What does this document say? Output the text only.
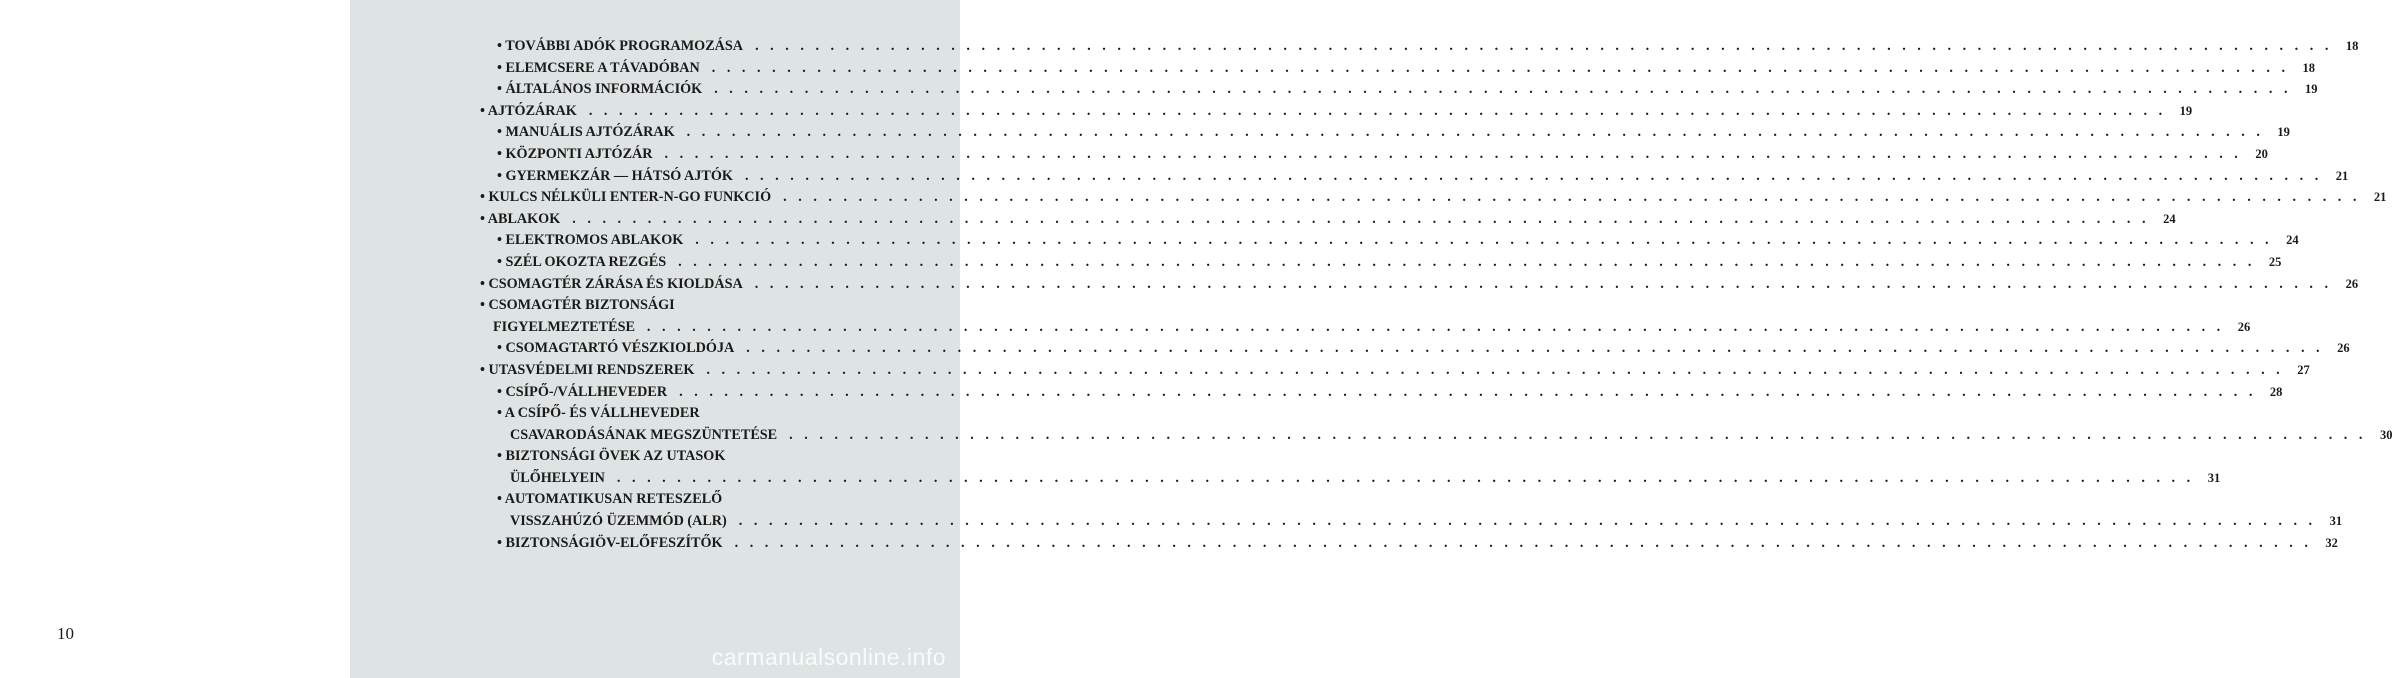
10
• TOVÁBBI ADÓK PROGRAMOZÁSA . . .	18
• ELEMCSERE A TÁVADÓBAN . . .	18
• ÁLTALÁNOS INFORMÁCIÓK . . .	19
• AJTÓZÁRAK . . .	19
• MANUÁLIS AJTÓZÁRAK . . .	19
• KÖZPONTI AJTÓZÁR . . .	20
• GYERMEKZÁR — HÁTSÓ AJTÓK . . .	21
• KULCS NÉLKÜLI ENTER-N-GO FUNKCIÓ . . .	21
• ABLAKOK . . .	24
• ELEKTROMOS ABLAKOK . . .	24
• SZÉL OKOZTA REZGÉS . . .	25
• CSOMAGTÉR ZÁRÁSA ÉS KIOLDÁSA . . .	26
• CSOMAGTÉR BIZTONSÁGI
FIGYELMEZTETÉSE . . .	26
• CSOMAGTARTÓ VÉSZKIOLDÓJA . . .	26
• UTASVÉDELMI RENDSZEREK . . .	27
• CSÍPŐ-/VÁLLHEVEDER . . .	28
• A CSÍPŐ- ÉS VÁLLHEVEDER
CSAVARODÁSÁNAK MEGSZÜNTETÉSE . . .	30
• BIZTONSÁGI ÖVEK AZ UTASOK
ÜLŐHELYEIN . . .	31
• AUTOMATIKUSAN RETESZELŐ
VISSZAHÚZÓ ÜZEMMÓD (ALR) . . .	31
• BIZTONSÁGIÖV-ELŐFESZÍTŐK . . .	32
carmanualsonline.info
